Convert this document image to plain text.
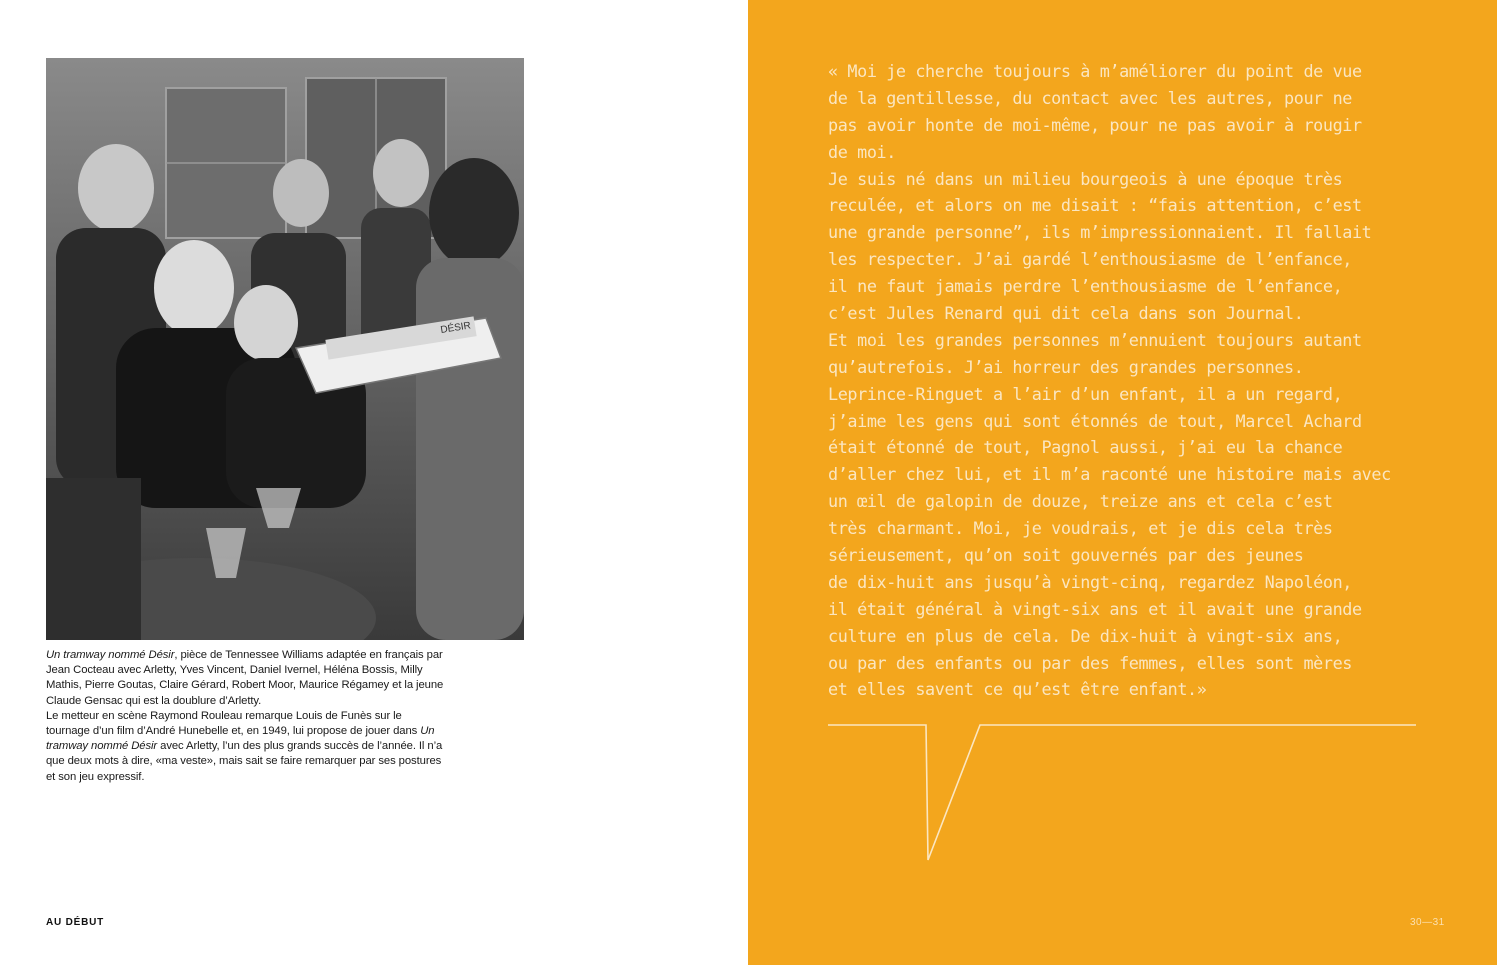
DÉSIR

Un tramway nommé Désir, pièce de Tennessee Williams adaptée en français par Jean Cocteau avec Arletty, Yves Vincent, Daniel Ivernel, Héléna Bossis, Milly Mathis, Pierre Goutas, Claire Gérard, Robert Moor, Maurice Régamey et la jeune Claude Gensac qui est la doublure d’Arletty.

Le metteur en scène Raymond Rouleau remarque Louis de Funès sur le tournage d’un film d’André Hunebelle et, en 1949, lui propose de jouer dans Un tramway nommé Désir avec Arletty, l’un des plus grands succès de l’année. Il n’a que deux mots à dire, «ma veste», mais sait se faire remarquer par ses postures et son jeu expressif.

AU DÉBUT
« Moi je cherche toujours à m’améliorer du point de vue
de la gentillesse, du contact avec les autres, pour ne
pas avoir honte de moi-même, pour ne pas avoir à rougir
de moi.
Je suis né dans un milieu bourgeois à une époque très
reculée, et alors on me disait : “fais attention, c’est
une grande personne”, ils m’impressionnaient. Il fallait
les respecter. J’ai gardé l’enthousiasme de l’enfance,
il ne faut jamais perdre l’enthousiasme de l’enfance,
c’est Jules Renard qui dit cela dans son Journal.
Et moi les grandes personnes m’ennuient toujours autant
qu’autrefois. J’ai horreur des grandes personnes.
Leprince-Ringuet a l’air d’un enfant, il a un regard,
j’aime les gens qui sont étonnés de tout, Marcel Achard
était étonné de tout, Pagnol aussi, j’ai eu la chance
d’aller chez lui, et il m’a raconté une histoire mais avec
un œil de galopin de douze, treize ans et cela c’est
très charmant. Moi, je voudrais, et je dis cela très
sérieusement, qu’on soit gouvernés par des jeunes
de dix-huit ans jusqu’à vingt-cinq, regardez Napoléon,
il était général à vingt-six ans et il avait une grande
culture en plus de cela. De dix-huit à vingt-six ans,
ou par des enfants ou par des femmes, elles sont mères
et elles savent ce qu’est être enfant.»
30—31
